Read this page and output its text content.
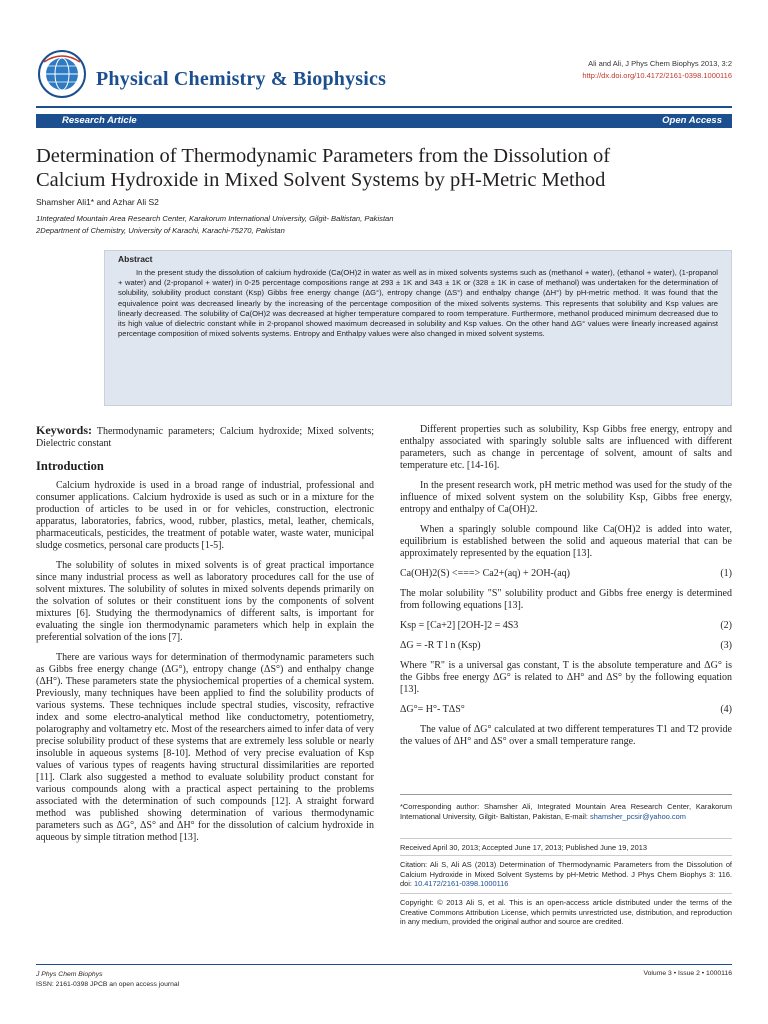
Physical Chemistry & Biophysics
Ali and Ali, J Phys Chem Biophys 2013, 3:2
http://dx.doi.org/10.4172/2161-0398.1000116
Research Article	Open Access
Determination of Thermodynamic Parameters from the Dissolution of
Calcium Hydroxide in Mixed Solvent Systems by pH-Metric Method
Shamsher Ali1* and Azhar Ali S2
1Integrated Mountain Area Research Center, Karakorum International University, Gilgit- Baltistan, Pakistan
2Department of Chemistry, University of Karachi, Karachi-75270, Pakistan
Abstract
In the present study the dissolution of calcium hydroxide (Ca(OH)2 in water as well as in mixed solvents systems such as (methanol + water), (ethanol + water), (1-propanol + water) and (2-propanol + water) in 0-25 percentage compositions range at 293 ± 1K and 343 ± 1K or (328 ± 1K in case of methanol) was undertaken for the determination of solubility, solubility product constant (Ksp) Gibbs free energy change (ΔG°), entropy change (ΔS°) and enthalpy change (ΔH°) by pH-metric method. It was found that the equivalence point was decreased linearly by the increasing of the percentage composition of the mixed solvents systems. This represents that solubility and Ksp values are linearly decreased. The solubility of Ca(OH)2 was decreased at higher temperature compared to room temperature. Furthermore, methanol produced minimum decreased due to its high value of dielectric constant while in 2-propanol showed maximum decreased in solubility and Ksp values. On the other hand ΔG° values were linearly increased against percentage composition of mixed solvents systems. Entropy and Enthalpy values were also changed in mixed solvent systems.

Keywords: Thermodynamic parameters; Calcium hydroxide; Mixed solvents; Dielectric constant

Introduction

Calcium hydroxide is used in a broad range of industrial, professional and consumer applications. Calcium hydroxide is used as such or in a mixture for the production of articles to be used in or for vehicles, construction, electronic apparatus, laboratories, fabrics, wood, rubber, plastics, metal, leather, chemicals, pharmaceuticals, pesticides, the treatment of potable water, waste water, municipal sludge cosmetics, personal care products [1-5].

The solubility of solutes in mixed solvents is of great practical importance since many industrial process as well as laboratory procedures call for the use of solvent mixtures. The solubility of solutes in mixed solvents depends primarily on the solvation of solutes or their constituent ions by the components of solvent mixtures [6]. Studying the thermodynamics of different salts, is important for evaluating the single ion thermodynamic parameters which help in explain the preferential solvation of the ions [7].

There are various ways for determination of thermodynamic parameters such as Gibbs free energy change (ΔG°), entropy change (ΔS°) and enthalpy change (ΔH°). These parameters state the physiochemical properties of a chemical system. Previously, many techniques have been applied to find the solubility products of various systems. These techniques include spectral studies, viscosity, refractive index and some electro-analytical method like conductometry, potentiometry, polarography and voltametry etc. Most of the researchers aimed to infer data of very precise solubility product of these systems that are extremely less soluble or nearly insoluble in aqueous systems [8-10]. Method of very precise evaluation of Ksp values of various types of reagents having structural dissimilarities are reported [11]. Clark also suggested a method to evaluate solubility product constant for various compounds along with a practical aspect pertaining to the problems associated with the determination of such compounds [12]. A straight forward method was published showing determination of various thermodynamic parameters such as ΔG°, ΔS° and ΔH° for the dissolution of calcium hydroxide in aqueous by simple titration method [13].

Different properties such as solubility, Ksp Gibbs free energy, entropy and enthalpy associated with sparingly soluble salts are influenced with different parameters, such as change in percentage of solvent, amount of salts and temperature etc. [14-16].

In the present research work, pH metric method was used for the study of the influence of mixed solvent system on the solubility Ksp, Gibbs free energy, entropy and enthalpy of Ca(OH)2.

When a sparingly soluble compound like Ca(OH)2 is added into water, equilibrium is established between the solid and aqueous material that can be approximately represented by the equation [13].

Ca(OH)2(S) <===> Ca2+(aq) + 2OH-(aq)	(1)

The molar solubility "S" solubility product and Gibbs free energy is determined from following equations [13].

Ksp = [Ca+2] [2OH-]2 = 4S3	(2)
ΔG = -R T l n (Ksp)	(3)

Where "R" is a universal gas constant, T is the absolute temperature and ΔG° is the Gibbs free energy ΔG° is related to ΔH° and ΔS° by the following equation [13].

ΔG°= H°- TΔS°	(4)

The value of ΔG° calculated at two different temperatures T1 and T2 provide the values of ΔH° and ΔS° over a small temperature range.

*Corresponding author: Shamsher Ali, Integrated Mountain Area Research Center, Karakorum International University, Gilgit- Baltistan, Pakistan, E-mail: shamsher_pcsir@yahoo.com
Received April 30, 2013; Accepted June 17, 2013; Published June 19, 2013
Citation: Ali S, Ali AS (2013) Determination of Thermodynamic Parameters from the Dissolution of Calcium Hydroxide in Mixed Solvent Systems by pH-Metric Method. J Phys Chem Biophys 3: 116. doi: 10.4172/2161-0398.1000116
Copyright: © 2013 Ali S, et al. This is an open-access article distributed under the terms of the Creative Commons Attribution License, which permits unrestricted use, distribution, and reproduction in any medium, provided the original author and source are credited.
J Phys Chem Biophys
ISSN: 2161-0398 JPCB an open access journal
Volume 3 • Issue 2 • 1000116
